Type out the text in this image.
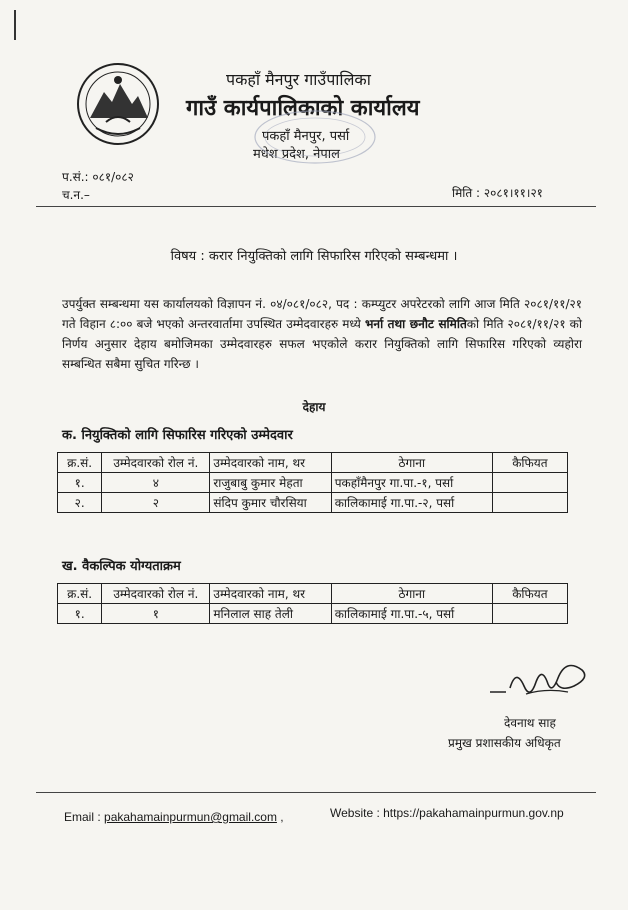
पकहाँ मैनपुर गाउँपालिका
गाउँ कार्यपालिकाको कार्यालय
पकहाँ मैनपुर, पर्सा
मधेश प्रदेश, नेपाल
प.सं.: ०८१/०८२
च.न.–	मिति : २०८१।११।२१
विषय : करार नियुक्तिको लागि सिफारिस गरिएको सम्बन्धमा ।
उपर्युक्त सम्बन्धमा यस कार्यालयको विज्ञापन नं. ०४/०८१/०८२, पद : कम्प्युटर अपरेटरको लागि आज मिति २०८१/११/२१ गते विहान ८:०० बजे भएको अन्तरवार्तामा उपस्थित उम्मेदवारहरु मध्ये भर्ना तथा छनौट समितिको मिति २०८१/११/२१ को निर्णय अनुसार देहाय बमोजिमका उम्मेदवारहरु सफल भएकोले करार नियुक्तिको लागि सिफारिस गरिएको व्यहोरा सम्बन्धित सबैमा सुचित गरिन्छ ।
देहाय
क. नियुक्तिको लागि सिफारिस गरिएको उम्मेदवार
क्र.सं.	उम्मेदवारको रोल नं.	उम्मेदवारको नाम, थर	ठेगाना	कैफियत
१.	४	राजुबाबु कुमार मेहता	पकहाँमैनपुर गा.पा.-१, पर्सा	
२.	२	संदिप कुमार चौरसिया	कालिकामाई गा.पा.-२, पर्सा	
ख. वैकल्पिक योग्यताक्रम
क्र.सं.	उम्मेदवारको रोल नं.	उम्मेदवारको नाम, थर	ठेगाना	कैफियत
१.	१	मनिलाल साह तेली	कालिकामाई गा.पा.-५, पर्सा	
देवनाथ साह
प्रमुख प्रशासकीय अधिकृत
Email : pakahamainpurmun@gmail.com ,	Website : https://pakahamainpurmun.gov.np
